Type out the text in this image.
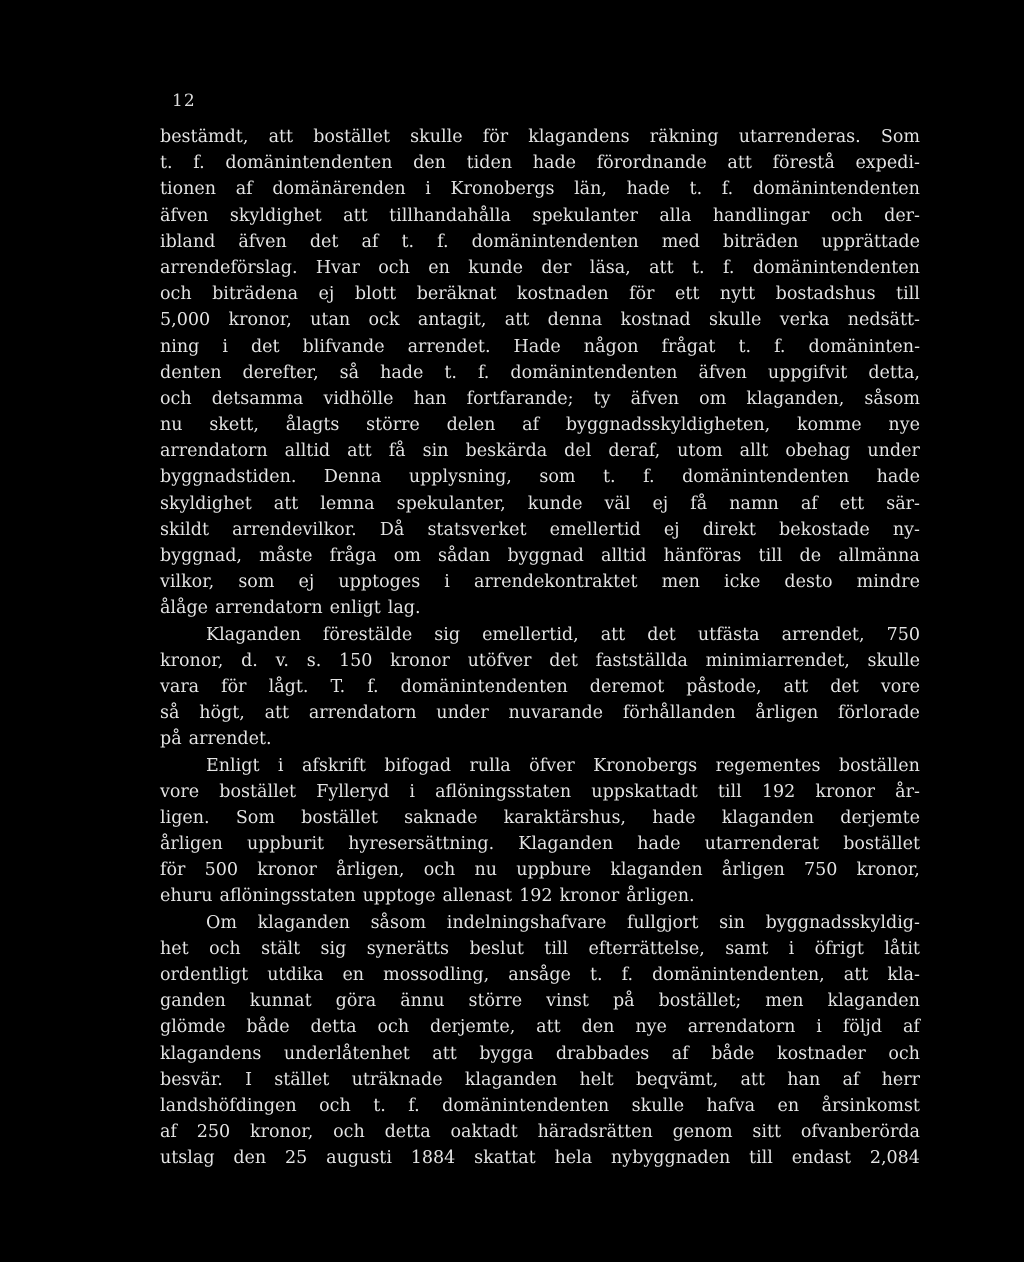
12
bestämdt, att bostället skulle för klagandens räkning utarrenderas. Som
t. f. domänintendenten den tiden hade förordnande att förestå expedi-
tionen af domänärenden i Kronobergs län, hade t. f. domänintendenten
äfven skyldighet att tillhandahålla spekulanter alla handlingar och der-
ibland äfven det af t. f. domänintendenten med biträden upprättade
arrendeförslag. Hvar och en kunde der läsa, att t. f. domänintendenten
och biträdena ej blott beräknat kostnaden för ett nytt bostadshus till
5,000 kronor, utan ock antagit, att denna kostnad skulle verka nedsätt-
ning i det blifvande arrendet. Hade någon frågat t. f. domäninten-
denten derefter, så hade t. f. domänintendenten äfven uppgifvit detta,
och detsamma vidhölle han fortfarande; ty äfven om klaganden, såsom
nu skett, ålagts större delen af byggnadsskyldigheten, komme nye
arrendatorn alltid att få sin beskärda del deraf, utom allt obehag under
byggnadstiden. Denna upplysning, som t. f. domänintendenten hade
skyldighet att lemna spekulanter, kunde väl ej få namn af ett sär-
skildt arrendevilkor. Då statsverket emellertid ej direkt bekostade ny-
byggnad, måste fråga om sådan byggnad alltid hänföras till de allmänna
vilkor, som ej upptoges i arrendekontraktet men icke desto mindre
ålåge arrendatorn enligt lag.
Klaganden förestälde sig emellertid, att det utfästa arrendet, 750
kronor, d. v. s. 150 kronor utöfver det fastställda minimiarrendet, skulle
vara för lågt. T. f. domänintendenten deremot påstode, att det vore
så högt, att arrendatorn under nuvarande förhållanden årligen förlorade
på arrendet.
Enligt i afskrift bifogad rulla öfver Kronobergs regementes boställen
vore bostället Fylleryd i aflöningsstaten uppskattadt till 192 kronor år-
ligen. Som bostället saknade karaktärshus, hade klaganden derjemte
årligen uppburit hyresersättning. Klaganden hade utarrenderat bostället
för 500 kronor årligen, och nu uppbure klaganden årligen 750 kronor,
ehuru aflöningsstaten upptoge allenast 192 kronor årligen.
Om klaganden såsom indelningshafvare fullgjort sin byggnadsskyldig-
het och stält sig synerätts beslut till efterrättelse, samt i öfrigt låtit
ordentligt utdika en mossodling, ansåge t. f. domänintendenten, att kla-
ganden kunnat göra ännu större vinst på bostället; men klaganden
glömde både detta och derjemte, att den nye arrendatorn i följd af
klagandens underlåtenhet att bygga drabbades af både kostnader och
besvär. I stället uträknade klaganden helt beqvämt, att han af herr
landshöfdingen och t. f. domänintendenten skulle hafva en årsinkomst
af 250 kronor, och detta oaktadt häradsrätten genom sitt ofvanberörda
utslag den 25 augusti 1884 skattat hela nybyggnaden till endast 2,084
